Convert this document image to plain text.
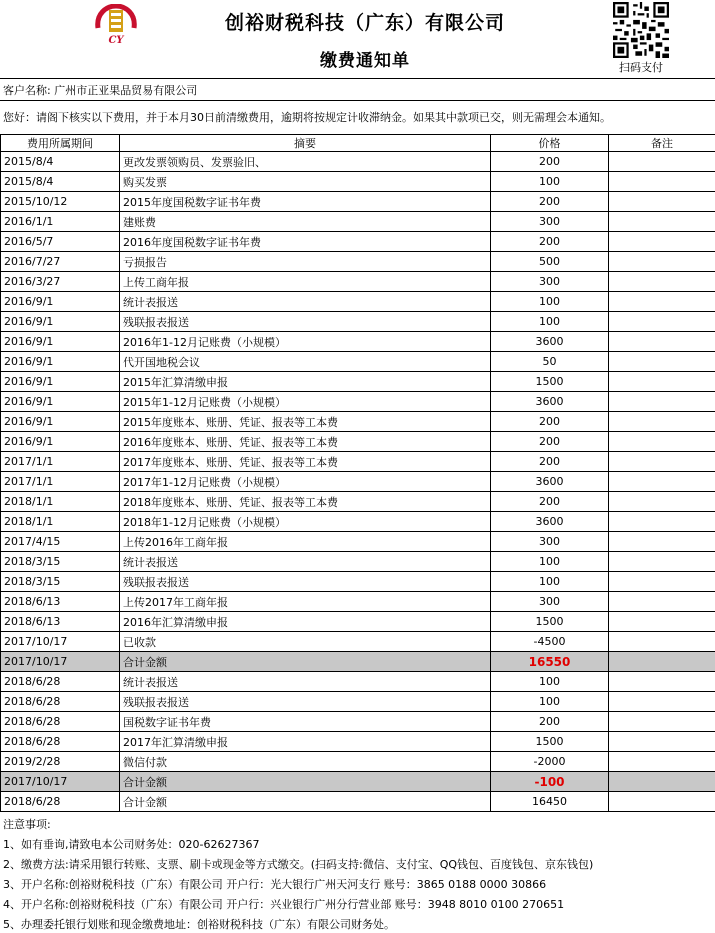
CY
创裕财税科技（广东）有限公司
缴费通知单	扫码支付
客户名称: 广州市正亚果品贸易有限公司
您好：请阁下核实以下费用，并于本月30日前清缴费用，逾期将按规定计收滞纳金。如果其中款项已交，则无需理会本通知。
费用所属期间	摘要	价格	备注
2015/8/4	更改发票领购员、发票验旧、	200	
2015/8/4	购买发票	100	
2015/10/12	2015年度国税数字证书年费	200	
2016/1/1	建账费	300	
2016/5/7	2016年度国税数字证书年费	200	
2016/7/27	亏损报告	500	
2016/3/27	上传工商年报	300	
2016/9/1	统计表报送	100	
2016/9/1	残联报表报送	100	
2016/9/1	2016年1-12月记账费（小规模）	3600	
2016/9/1	代开国地税会议	50	
2016/9/1	2015年汇算清缴申报	1500	
2016/9/1	2015年1-12月记账费（小规模）	3600	
2016/9/1	2015年度账本、账册、凭证、报表等工本费	200	
2016/9/1	2016年度账本、账册、凭证、报表等工本费	200	
2017/1/1	2017年度账本、账册、凭证、报表等工本费	200	
2017/1/1	2017年1-12月记账费（小规模）	3600	
2018/1/1	2018年度账本、账册、凭证、报表等工本费	200	
2018/1/1	2018年1-12月记账费（小规模）	3600	
2017/4/15	上传2016年工商年报	300	
2018/3/15	统计表报送	100	
2018/3/15	残联报表报送	100	
2018/6/13	上传2017年工商年报	300	
2018/6/13	2016年汇算清缴申报	1500	
2017/10/17	已收款	-4500	
2017/10/17	合计金额	16550	
2018/6/28	统计表报送	100	
2018/6/28	残联报表报送	100	
2018/6/28	国税数字证书年费	200	
2018/6/28	2017年汇算清缴申报	1500	
2019/2/28	微信付款	-2000	
2017/10/17	合计金额	-100	
2018/6/28	合计金额	16450	
注意事项:
1、如有垂询,请致电本公司财务处：020-62627367
2、缴费方法:请采用银行转账、支票、刷卡或现金等方式缴交。(扫码支持:微信、支付宝、QQ钱包、百度钱包、京东钱包)
3、开户名称:创裕财税科技（广东）有限公司 开户行：光大银行广州天河支行 账号：3865 0188 0000 30866
4、开户名称:创裕财税科技（广东）有限公司 开户行：兴业银行广州分行营业部 账号：3948 8010 0100 270651
5、办理委托银行划账和现金缴费地址：创裕财税科技（广东）有限公司财务处。
